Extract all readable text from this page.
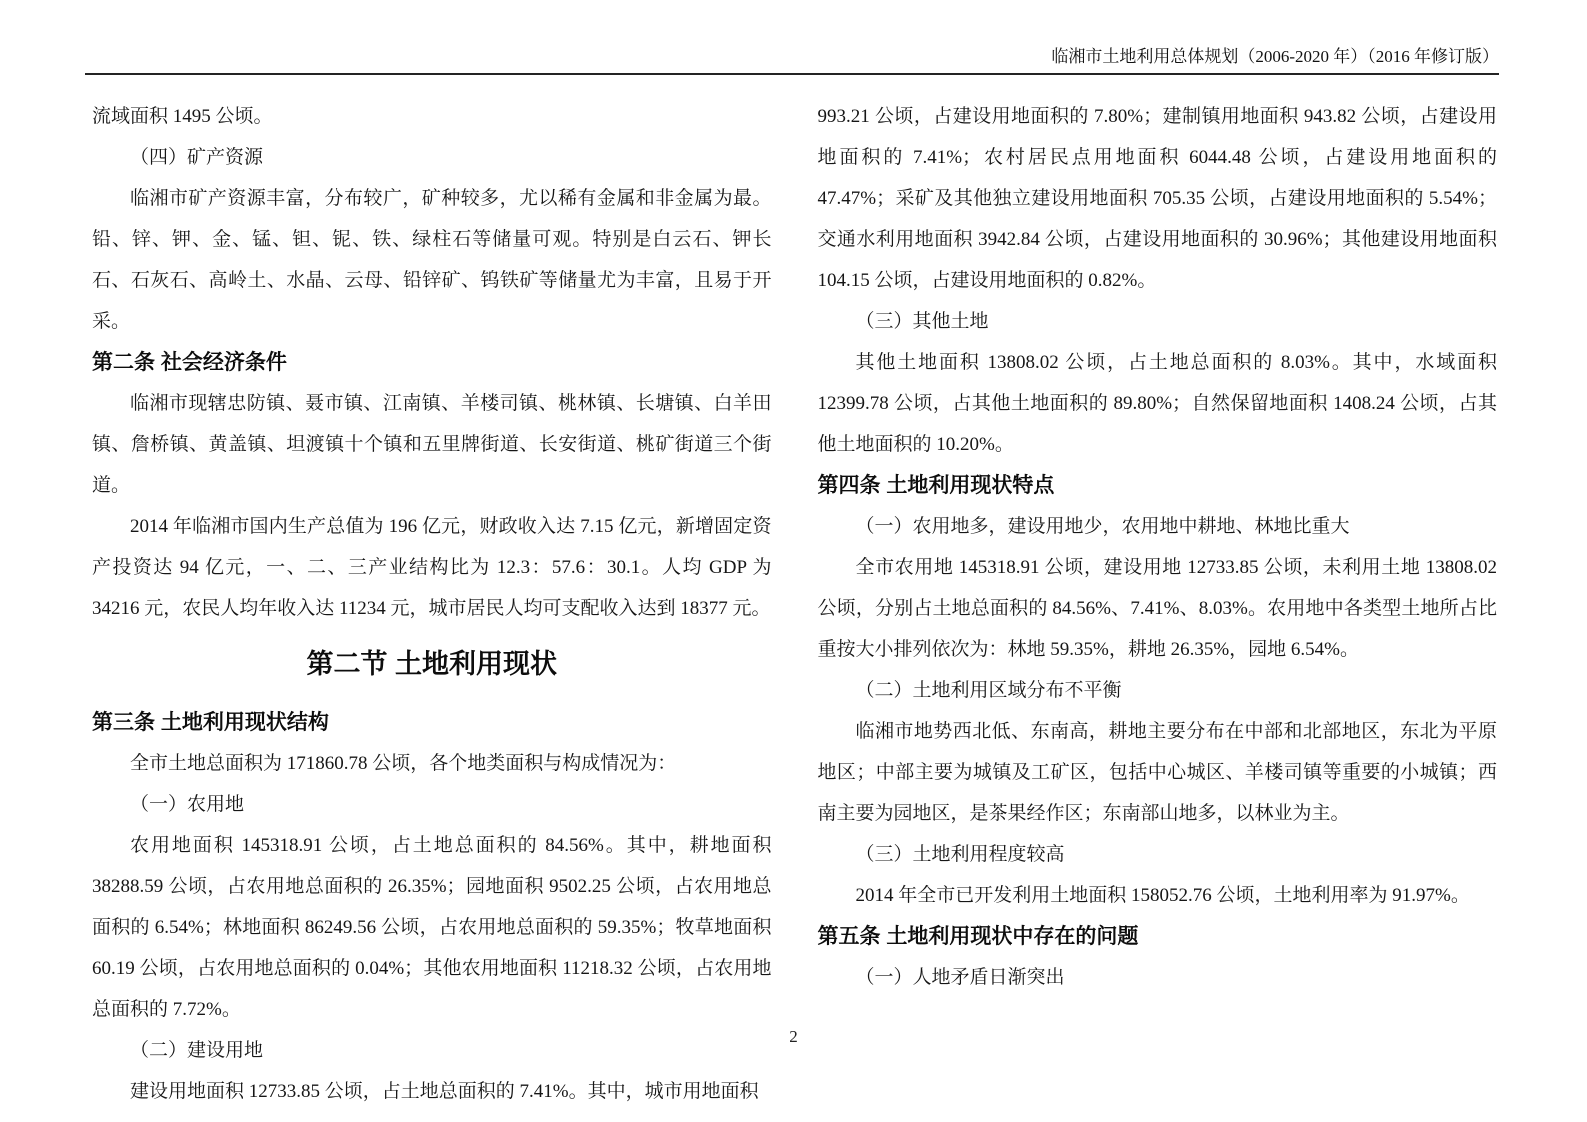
临湘市土地利用总体规划（2006-2020 年）（2016 年修订版）

流域面积 1495 公顷。

（四）矿产资源

临湘市矿产资源丰富，分布较广，矿种较多，尤以稀有金属和非金属为最。铅、锌、钾、金、锰、钽、铌、铁、绿柱石等储量可观。特别是白云石、钾长石、石灰石、高岭土、水晶、云母、铅锌矿、钨铁矿等储量尤为丰富，且易于开采。

第二条 社会经济条件

临湘市现辖忠防镇、聂市镇、江南镇、羊楼司镇、桃林镇、长塘镇、白羊田镇、詹桥镇、黄盖镇、坦渡镇十个镇和五里牌街道、长安街道、桃矿街道三个街道。

2014 年临湘市国内生产总值为 196 亿元，财政收入达 7.15 亿元，新增固定资产投资达 94 亿元，一、二、三产业结构比为 12.3：57.6：30.1。人均 GDP 为 34216 元，农民人均年收入达 11234 元，城市居民人均可支配收入达到 18377 元。

第二节 土地利用现状
第三条 土地利用现状结构

全市土地总面积为 171860.78 公顷，各个地类面积与构成情况为：

（一）农用地

农用地面积 145318.91 公顷，占土地总面积的 84.56%。其中，耕地面积 38288.59 公顷，占农用地总面积的 26.35%；园地面积 9502.25 公顷，占农用地总面积的 6.54%；林地面积 86249.56 公顷，占农用地总面积的 59.35%；牧草地面积 60.19 公顷，占农用地总面积的 0.04%；其他农用地面积 11218.32 公顷，占农用地总面积的 7.72%。

（二）建设用地

建设用地面积 12733.85 公顷，占土地总面积的 7.41%。其中，城市用地面积

993.21 公顷，占建设用地面积的 7.80%；建制镇用地面积 943.82 公顷，占建设用地面积的 7.41%；农村居民点用地面积 6044.48 公顷，占建设用地面积的 47.47%；采矿及其他独立建设用地面积 705.35 公顷，占建设用地面积的 5.54%；交通水利用地面积 3942.84 公顷，占建设用地面积的 30.96%；其他建设用地面积 104.15 公顷，占建设用地面积的 0.82%。

（三）其他土地

其他土地面积 13808.02 公顷，占土地总面积的 8.03%。其中，水域面积 12399.78 公顷，占其他土地面积的 89.80%；自然保留地面积 1408.24 公顷，占其他土地面积的 10.20%。

第四条 土地利用现状特点

（一）农用地多，建设用地少，农用地中耕地、林地比重大

全市农用地 145318.91 公顷，建设用地 12733.85 公顷，未利用土地 13808.02 公顷，分别占土地总面积的 84.56%、7.41%、8.03%。农用地中各类型土地所占比重按大小排列依次为：林地 59.35%，耕地 26.35%，园地 6.54%。

（二）土地利用区域分布不平衡

临湘市地势西北低、东南高，耕地主要分布在中部和北部地区，东北为平原地区；中部主要为城镇及工矿区，包括中心城区、羊楼司镇等重要的小城镇；西南主要为园地区，是茶果经作区；东南部山地多，以林业为主。

（三）土地利用程度较高

2014 年全市已开发利用土地面积 158052.76 公顷，土地利用率为 91.97%。

第五条 土地利用现状中存在的问题

（一）人地矛盾日渐突出

2
